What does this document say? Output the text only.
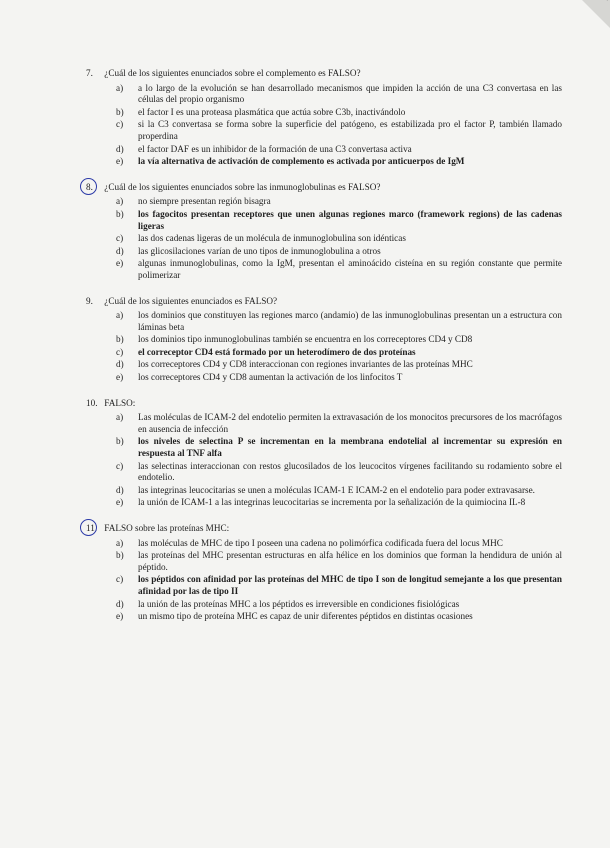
7. ¿Cuál de los siguientes enunciados sobre el complemento es FALSO?
a)	a lo largo de la evolución se han desarrollado mecanismos que impiden la acción de una C3 convertasa en las células del propio organismo
b)	el factor I es una proteasa plasmática que actúa sobre C3b, inactivándolo
c)	si la C3 convertasa se forma sobre la superficie del patógeno, es estabilizada pro el factor P, también llamado properdina
d)	el factor DAF es un inhibidor de la formación de una C3 convertasa activa
e)	la vía alternativa de activación de complemento es activada por anticuerpos de IgM
8. ¿Cuál de los siguientes enunciados sobre las inmunoglobulinas es FALSO?
a)	no siempre presentan región bisagra
b)	los fagocitos presentan receptores que unen algunas regiones marco (framework regions) de las cadenas ligeras
c)	las dos cadenas ligeras de un molécula de inmunoglobulina son idénticas
d)	las glicosilaciones varían de uno tipos de inmunoglobulina a otros
e)	algunas inmunoglobulinas, como la IgM, presentan el aminoácido cisteína en su región constante que permite polimerizar
9. ¿Cuál de los siguientes enunciados es FALSO?
a)	los dominios que constituyen las regiones marco (andamio) de las inmunoglobulinas presentan un a estructura con láminas beta
b)	los dominios tipo inmunoglobulinas también se encuentra en los correceptores CD4 y CD8
c)	el correceptor CD4 está formado por un heterodímero de dos proteínas
d)	los correceptores CD4 y CD8 interaccionan con regiones invariantes de las proteínas MHC
e)	los correceptores CD4 y CD8 aumentan la activación de los linfocitos T
10. FALSO:
a)	Las moléculas de ICAM-2 del endotelio permiten la extravasación de los monocitos precursores de los macrófagos en ausencia de infección
b)	los niveles de selectina P se incrementan en la membrana endotelial al incrementar su expresión en respuesta al TNF alfa
c)	las selectinas interaccionan con restos glucosilados de los leucocitos vírgenes facilitando su rodamiento sobre el endotelio.
d)	las integrinas leucocitarias se unen a moléculas ICAM-1 E ICAM-2 en el endotelio para poder extravasarse.
e)	la unión de ICAM-1 a las integrinas leucocitarias se incrementa por la señalización de la quimiocina IL-8
11. FALSO sobre las proteínas MHC:
a)	las moléculas de MHC de tipo I poseen una cadena no polimórfica codificada fuera del locus MHC
b)	las proteínas del MHC presentan estructuras en alfa hélice en los dominios que forman la hendidura de unión al péptido.
c)	los péptidos con afinidad por las proteínas del MHC de tipo I son de longitud semejante a los que presentan afinidad por las de tipo II
d)	la unión de las proteínas MHC a los péptidos es irreversible en condiciones fisiológicas
e)	un mismo tipo de proteína MHC es capaz de unir diferentes péptidos en distintas ocasiones
